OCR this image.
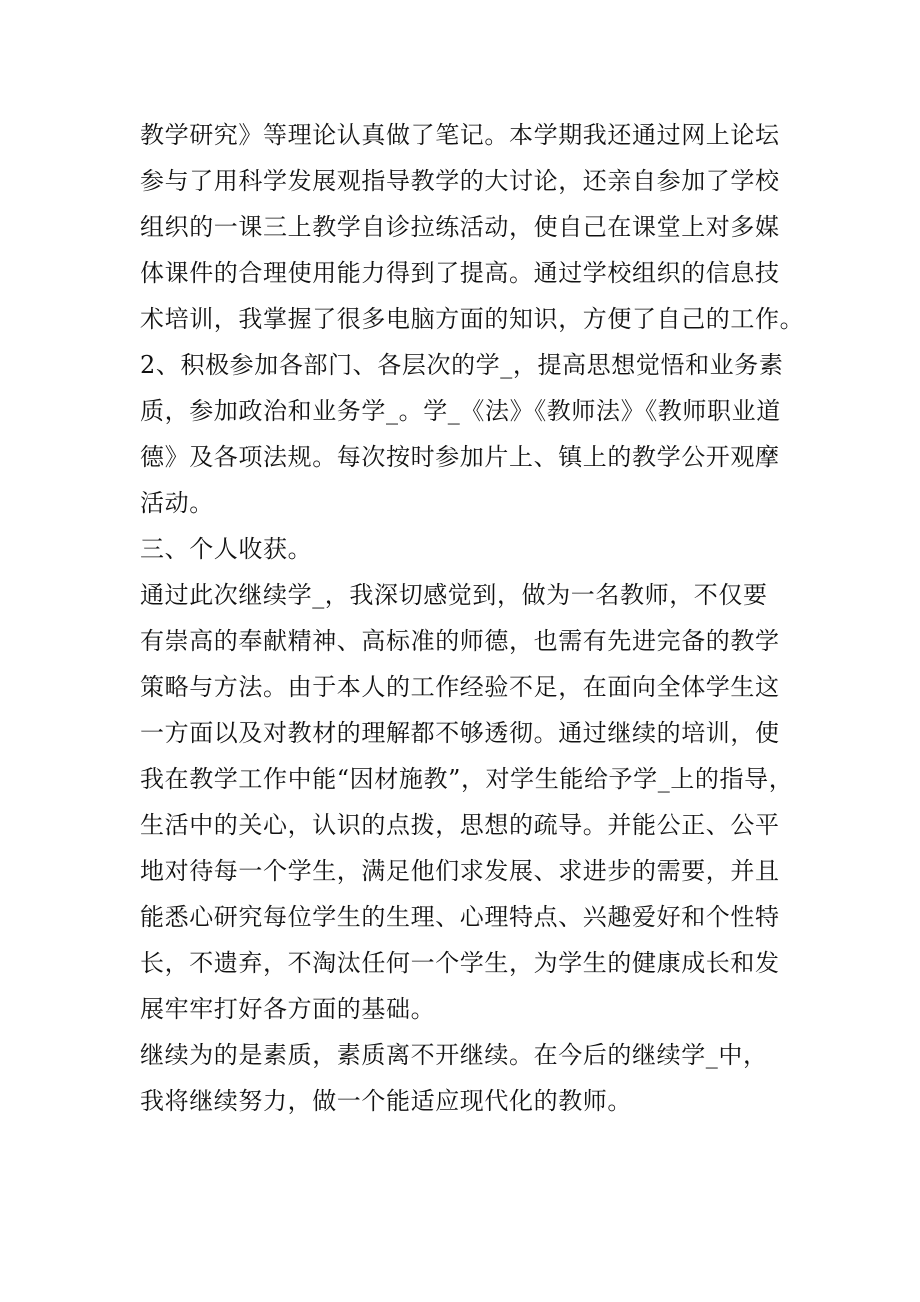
教学研究》等理论认真做了笔记。本学期我还通过网上论坛
参与了用科学发展观指导教学的大讨论，还亲自参加了学校
组织的一课三上教学自诊拉练活动，使自己在课堂上对多媒
体课件的合理使用能力得到了提高。通过学校组织的信息技
术培训，我掌握了很多电脑方面的知识，方便了自己的工作。
2、积极参加各部门、各层次的学_，提高思想觉悟和业务素
质，参加政治和业务学_。学_《法》《教师法》《教师职业道
德》及各项法规。每次按时参加片上、镇上的教学公开观摩
活动。
三、个人收获。
通过此次继续学_，我深切感觉到，做为一名教师，不仅要
有崇高的奉献精神、高标准的师德，也需有先进完备的教学
策略与方法。由于本人的工作经验不足，在面向全体学生这
一方面以及对教材的理解都不够透彻。通过继续的培训，使
我在教学工作中能“因材施教”，对学生能给予学_上的指导，
生活中的关心，认识的点拨，思想的疏导。并能公正、公平
地对待每一个学生，满足他们求发展、求进步的需要，并且
能悉心研究每位学生的生理、心理特点、兴趣爱好和个性特
长，不遗弃，不淘汰任何一个学生，为学生的健康成长和发
展牢牢打好各方面的基础。
继续为的是素质，素质离不开继续。在今后的继续学_中，
我将继续努力，做一个能适应现代化的教师。
